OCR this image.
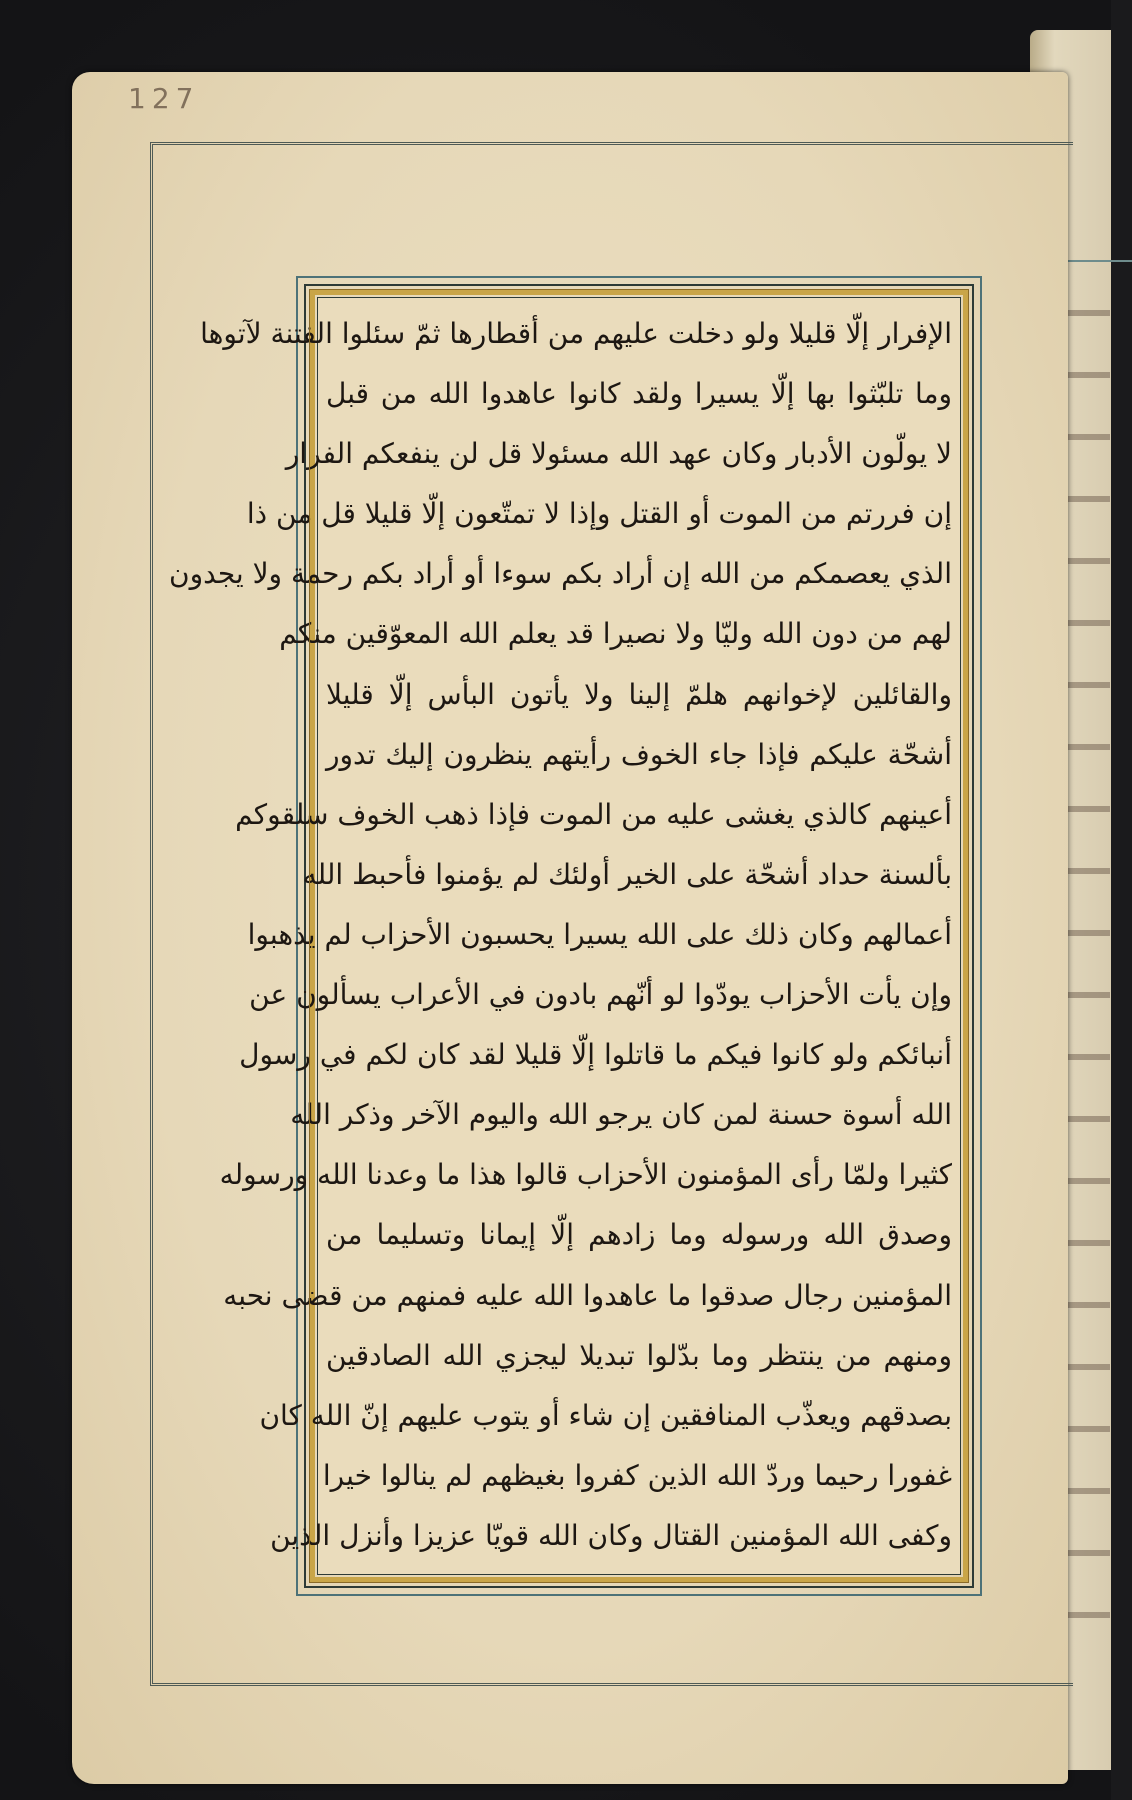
127
الإفرار إلّا قليلا ولو دخلت عليهم من أقطارها ثمّ سئلوا الفتنة لآتوها
وما تلبّثوا بها إلّا يسيرا ولقد كانوا عاهدوا الله من قبل
لا يولّون الأدبار وكان عهد الله مسئولا قل لن ينفعكم الفرار
إن فررتم من الموت أو القتل وإذا لا تمتّعون إلّا قليلا قل من ذا
الذي يعصمكم من الله إن أراد بكم سوءا أو أراد بكم رحمة ولا يجدون
لهم من دون الله وليّا ولا نصيرا قد يعلم الله المعوّقين منكم
والقائلين لإخوانهم هلمّ إلينا ولا يأتون البأس إلّا قليلا
أشحّة عليكم فإذا جاء الخوف رأيتهم ينظرون إليك تدور
أعينهم كالذي يغشى عليه من الموت فإذا ذهب الخوف سلقوكم
بألسنة حداد أشحّة على الخير أولئك لم يؤمنوا فأحبط الله
أعمالهم وكان ذلك على الله يسيرا يحسبون الأحزاب لم يذهبوا
وإن يأت الأحزاب يودّوا لو أنّهم بادون في الأعراب يسألون عن
أنبائكم ولو كانوا فيكم ما قاتلوا إلّا قليلا لقد كان لكم في رسول
الله أسوة حسنة لمن كان يرجو الله واليوم الآخر وذكر الله
كثيرا ولمّا رأى المؤمنون الأحزاب قالوا هذا ما وعدنا الله ورسوله
وصدق الله ورسوله وما زادهم إلّا إيمانا وتسليما من
المؤمنين رجال صدقوا ما عاهدوا الله عليه فمنهم من قضى نحبه
ومنهم من ينتظر وما بدّلوا تبديلا ليجزي الله الصادقين
بصدقهم ويعذّب المنافقين إن شاء أو يتوب عليهم إنّ الله كان
غفورا رحيما وردّ الله الذين كفروا بغيظهم لم ينالوا خيرا
وكفى الله المؤمنين القتال وكان الله قويّا عزيزا وأنزل الذين
